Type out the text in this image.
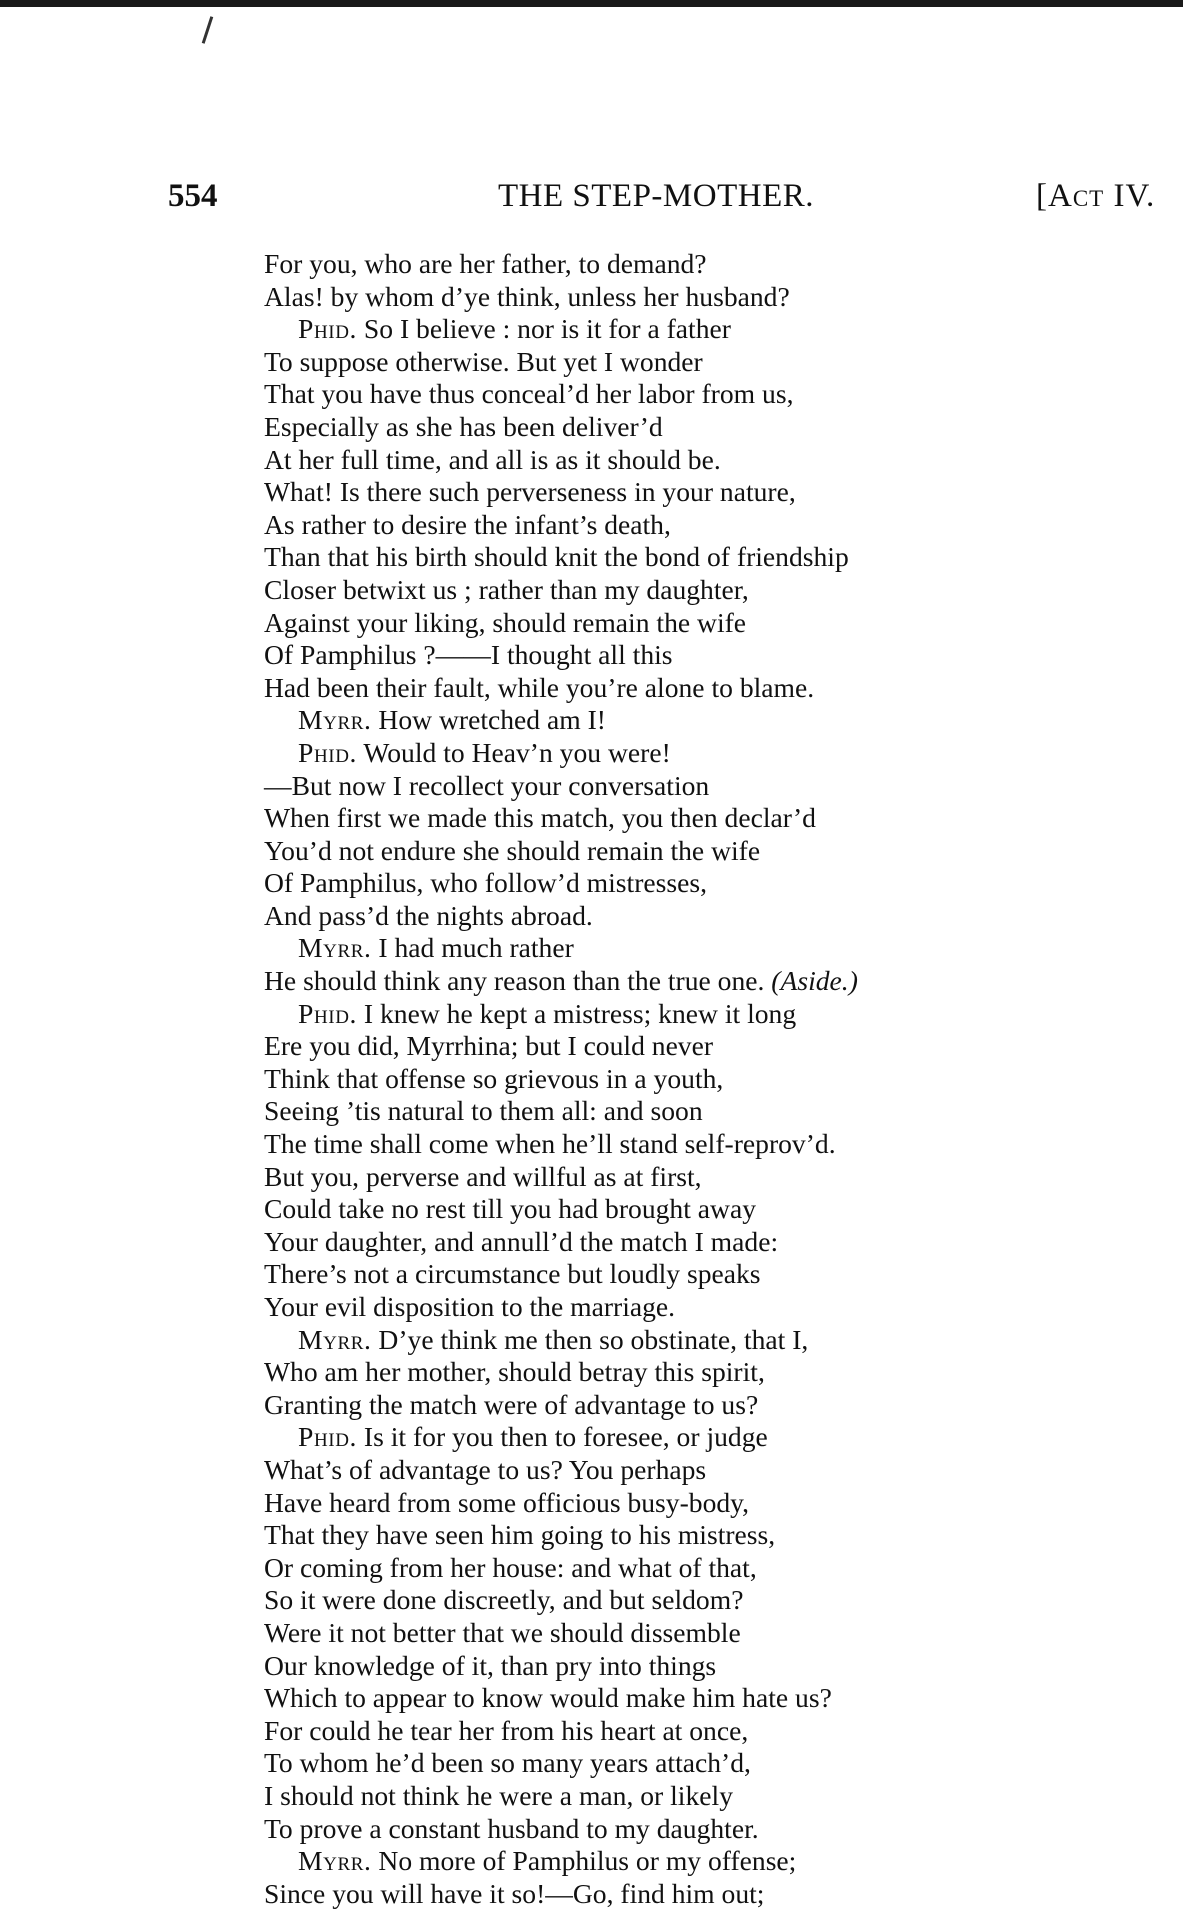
554	THE STEP-MOTHER.	[Act IV.
For you, who are her father, to demand?
Alas! by whom d’ye think, unless her husband?
Phid. So I believe : nor is it for a father
To suppose otherwise. But yet I wonder
That you have thus conceal’d her labor from us,
Especially as she has been deliver’d
At her full time, and all is as it should be.
What! Is there such perverseness in your nature,
As rather to desire the infant’s death,
Than that his birth should knit the bond of friendship
Closer betwixt us ; rather than my daughter,
Against your liking, should remain the wife
Of Pamphilus ?——I thought all this
Had been their fault, while you’re alone to blame.
Myrr. How wretched am I!
Phid. Would to Heav’n you were!
—But now I recollect your conversation
When first we made this match, you then declar’d
You’d not endure she should remain the wife
Of Pamphilus, who follow’d mistresses,
And pass’d the nights abroad.
Myrr. I had much rather
He should think any reason than the true one. (Aside.)
Phid. I knew he kept a mistress; knew it long
Ere you did, Myrrhina; but I could never
Think that offense so grievous in a youth,
Seeing ’tis natural to them all: and soon
The time shall come when he’ll stand self-reprov’d.
But you, perverse and willful as at first,
Could take no rest till you had brought away
Your daughter, and annull’d the match I made:
There’s not a circumstance but loudly speaks
Your evil disposition to the marriage.
Myrr. D’ye think me then so obstinate, that I,
Who am her mother, should betray this spirit,
Granting the match were of advantage to us?
Phid. Is it for you then to foresee, or judge
What’s of advantage to us? You perhaps
Have heard from some officious busy-body,
That they have seen him going to his mistress,
Or coming from her house: and what of that,
So it were done discreetly, and but seldom?
Were it not better that we should dissemble
Our knowledge of it, than pry into things
Which to appear to know would make him hate us?
For could he tear her from his heart at once,
To whom he’d been so many years attach’d,
I should not think he were a man, or likely
To prove a constant husband to my daughter.
Myrr. No more of Pamphilus or my offense;
Since you will have it so!—Go, find him out;
